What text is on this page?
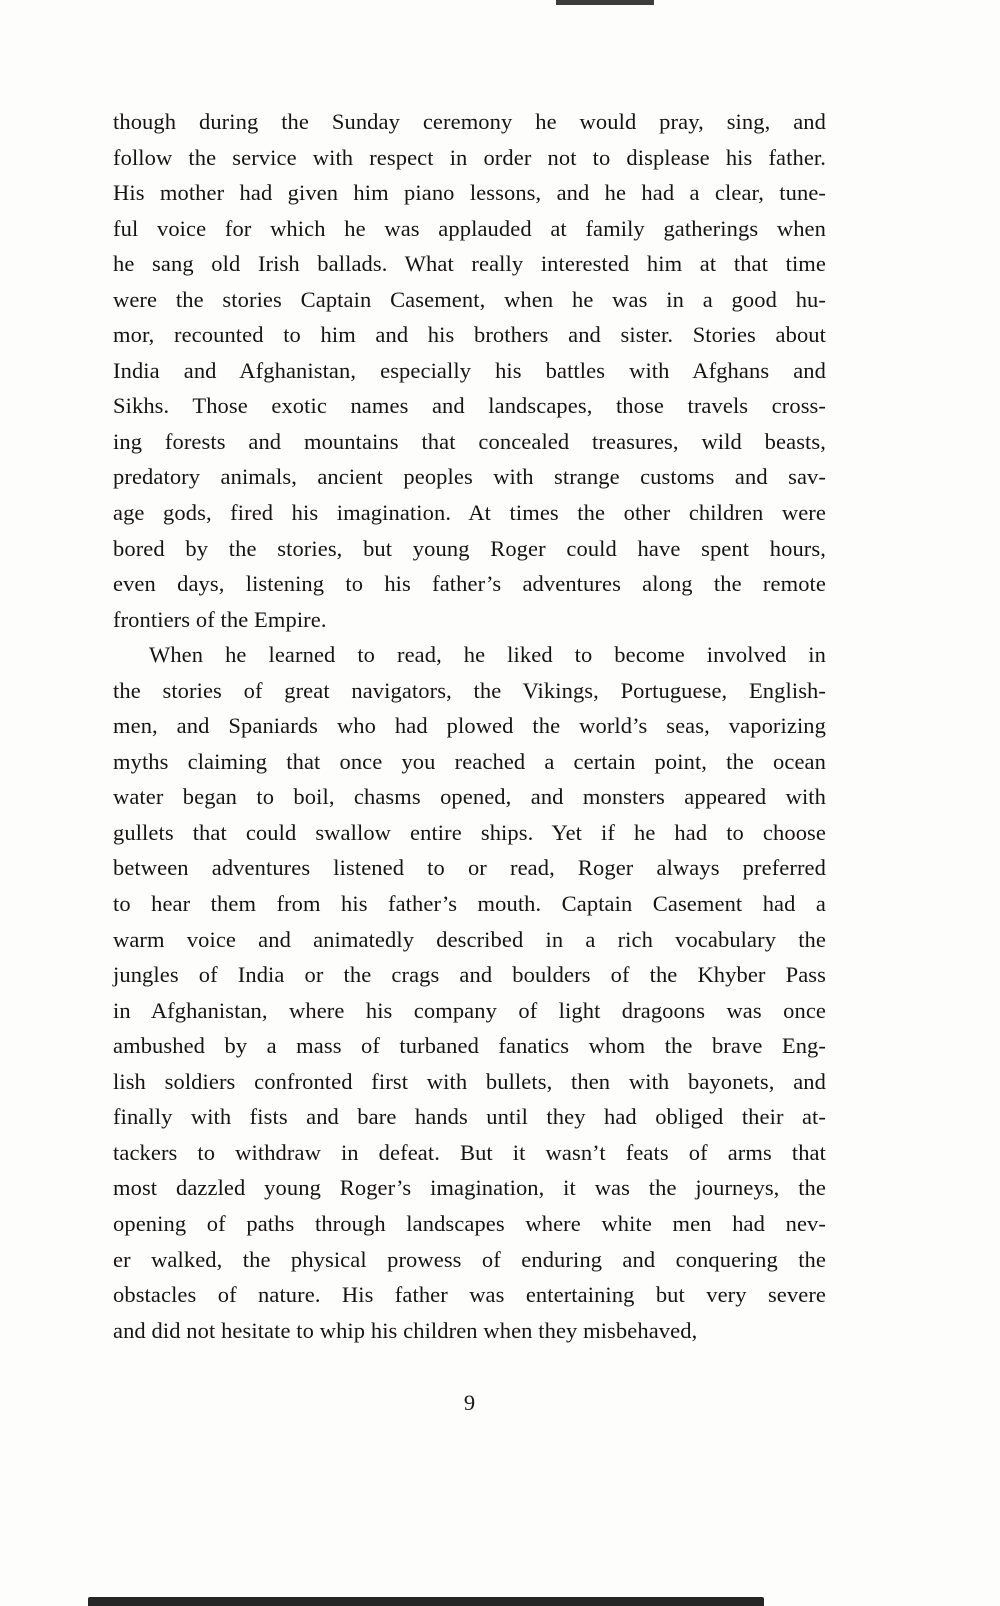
though during the Sunday ceremony he would pray, sing, and
follow the service with respect in order not to displease his father.
His mother had given him piano lessons, and he had a clear, tune-
ful voice for which he was applauded at family gatherings when
he sang old Irish ballads. What really interested him at that time
were the stories Captain Casement, when he was in a good hu-
mor, recounted to him and his brothers and sister. Stories about
India and Afghanistan, especially his battles with Afghans and
Sikhs. Those exotic names and landscapes, those travels cross-
ing forests and mountains that concealed treasures, wild beasts,
predatory animals, ancient peoples with strange customs and sav-
age gods, fired his imagination. At times the other children were
bored by the stories, but young Roger could have spent hours,
even days, listening to his father’s adventures along the remote
frontiers of the Empire.
When he learned to read, he liked to become involved in
the stories of great navigators, the Vikings, Portuguese, English-
men, and Spaniards who had plowed the world’s seas, vaporizing
myths claiming that once you reached a certain point, the ocean
water began to boil, chasms opened, and monsters appeared with
gullets that could swallow entire ships. Yet if he had to choose
between adventures listened to or read, Roger always preferred
to hear them from his father’s mouth. Captain Casement had a
warm voice and animatedly described in a rich vocabulary the
jungles of India or the crags and boulders of the Khyber Pass
in Afghanistan, where his company of light dragoons was once
ambushed by a mass of turbaned fanatics whom the brave Eng-
lish soldiers confronted first with bullets, then with bayonets, and
finally with fists and bare hands until they had obliged their at-
tackers to withdraw in defeat. But it wasn’t feats of arms that
most dazzled young Roger’s imagination, it was the journeys, the
opening of paths through landscapes where white men had nev-
er walked, the physical prowess of enduring and conquering the
obstacles of nature. His father was entertaining but very severe
and did not hesitate to whip his children when they misbehaved,
9
